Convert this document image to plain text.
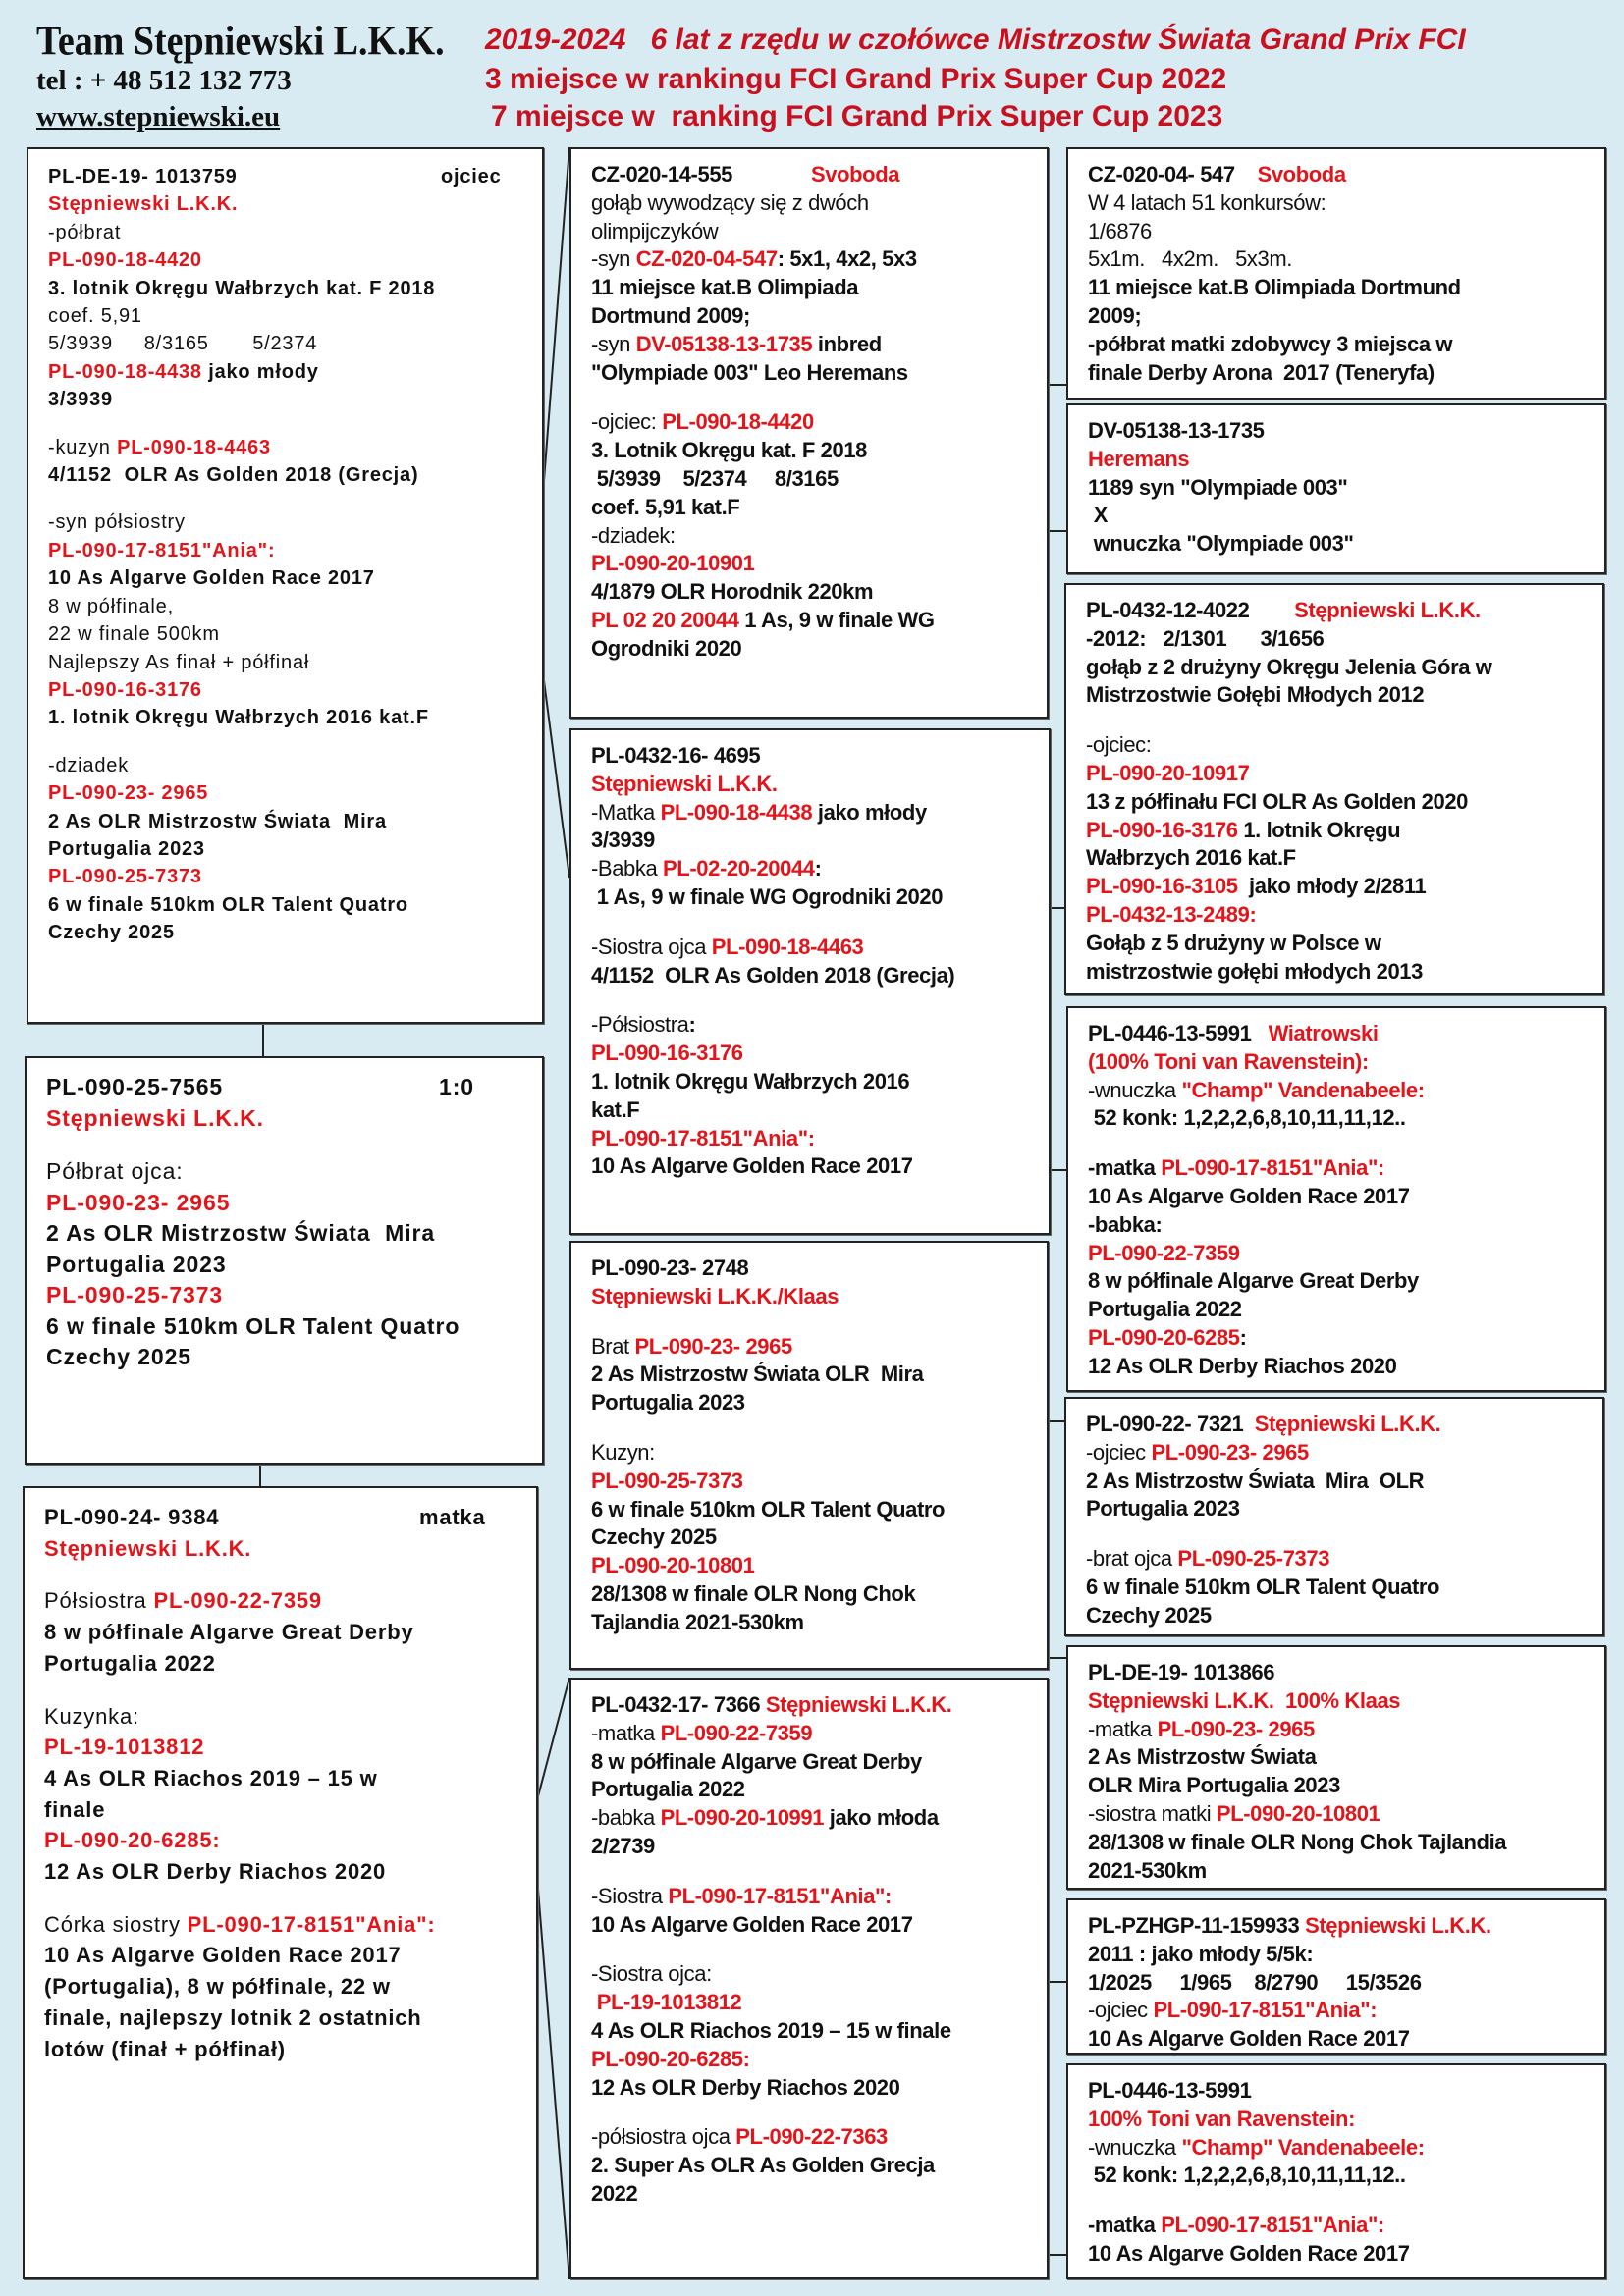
Team Stępniewski L.K.K.
tel : + 48 512 132 773
www.stepniewski.eu
2019-2024   6 lat z rzędu w czołówce Mistrzostw Świata Grand Prix FCI
3 miejsce w rankingu FCI Grand Prix Super Cup 2022
7 miejsce w  ranking FCI Grand Prix Super Cup 2023
PL-DE-19- 1013759	ojciec
Stępniewski L.K.K.
-półbrat
PL-090-18-4420
3. lotnik Okręgu Wałbrzych kat. F 2018
coef. 5,91
5/3939     8/3165       5/2374
PL-090-18-4438 jako młody
3/3939
-kuzyn PL-090-18-4463
4/1152  OLR As Golden 2018 (Grecja)
-syn półsiostry
PL-090-17-8151"Ania":
10 As Algarve Golden Race 2017
8 w półfinale,
22 w finale 500km
Najlepszy As finał + półfinał
PL-090-16-3176
1. lotnik Okręgu Wałbrzych 2016 kat.F
-dziadek
PL-090-23- 2965
2 As OLR Mistrzostw Świata  Mira
Portugalia 2023
PL-090-25-7373
6 w finale 510km OLR Talent Quatro
Czechy 2025
PL-090-25-7565	1:0
Stępniewski L.K.K.
Półbrat ojca:
PL-090-23- 2965
2 As OLR Mistrzostw Świata  Mira
Portugalia 2023
PL-090-25-7373
6 w finale 510km OLR Talent Quatro
Czechy 2025
PL-090-24- 9384	matka
Stępniewski L.K.K.
Półsiostra PL-090-22-7359
8 w półfinale Algarve Great Derby
Portugalia 2022
Kuzynka:
PL-19-1013812
4 As OLR Riachos 2019 – 15 w
finale
PL-090-20-6285:
12 As OLR Derby Riachos 2020
Córka siostry PL-090-17-8151"Ania":
10 As Algarve Golden Race 2017
(Portugalia), 8 w półfinale, 22 w
finale, najlepszy lotnik 2 ostatnich
lotów (finał + półfinał)
CZ-020-14-555              Svoboda
gołąb wywodzący się z dwóch
olimpijczyków
-syn CZ-020-04-547: 5x1, 4x2, 5x3
11 miejsce kat.B Olimpiada
Dortmund 2009;
-syn DV-05138-13-1735 inbred
"Olympiade 003" Leo Heremans
-ojciec: PL-090-18-4420
3. Lotnik Okręgu kat. F 2018
5/3939    5/2374     8/3165
coef. 5,91 kat.F
-dziadek:
PL-090-20-10901
4/1879 OLR Horodnik 220km
PL 02 20 20044 1 As, 9 w finale WG
Ogrodniki 2020
PL-0432-16- 4695
Stępniewski L.K.K.
-Matka PL-090-18-4438 jako młody
3/3939
-Babka PL-02-20-20044:
1 As, 9 w finale WG Ogrodniki 2020
-Siostra ojca PL-090-18-4463
4/1152  OLR As Golden 2018 (Grecja)
-Półsiostra:
PL-090-16-3176
1. lotnik Okręgu Wałbrzych 2016
kat.F
PL-090-17-8151"Ania":
10 As Algarve Golden Race 2017
PL-090-23- 2748
Stępniewski L.K.K./Klaas
Brat PL-090-23- 2965
2 As Mistrzostw Świata OLR  Mira
Portugalia 2023
Kuzyn:
PL-090-25-7373
6 w finale 510km OLR Talent Quatro
Czechy 2025
PL-090-20-10801
28/1308 w finale OLR Nong Chok
Tajlandia 2021-530km
PL-0432-17- 7366 Stępniewski L.K.K.
-matka PL-090-22-7359
8 w półfinale Algarve Great Derby
Portugalia 2022
-babka PL-090-20-10991 jako młoda
2/2739
-Siostra PL-090-17-8151"Ania":
10 As Algarve Golden Race 2017
-Siostra ojca:
PL-19-1013812
4 As OLR Riachos 2019 – 15 w finale
PL-090-20-6285:
12 As OLR Derby Riachos 2020
-półsiostra ojca PL-090-22-7363
2. Super As OLR As Golden Grecja
2022
CZ-020-04- 547    Svoboda
W 4 latach 51 konkursów:
1/6876
5x1m.   4x2m.   5x3m.
11 miejsce kat.B Olimpiada Dortmund
2009;
-półbrat matki zdobywcy 3 miejsca w
finale Derby Arona  2017 (Teneryfa)
DV-05138-13-1735
Heremans
1189 syn "Olympiade 003"
X
wnuczka "Olympiade 003"
PL-0432-12-4022        Stępniewski L.K.K.
-2012:   2/1301      3/1656
gołąb z 2 drużyny Okręgu Jelenia Góra w
Mistrzostwie Gołębi Młodych 2012
-ojciec:
PL-090-20-10917
13 z półfinału FCI OLR As Golden 2020
PL-090-16-3176 1. lotnik Okręgu
Wałbrzych 2016 kat.F
PL-090-16-3105  jako młody 2/2811
PL-0432-13-2489:
Gołąb z 5 drużyny w Polsce w
mistrzostwie gołębi młodych 2013
PL-0446-13-5991   Wiatrowski
(100% Toni van Ravenstein):
-wnuczka "Champ" Vandenabeele:
52 konk: 1,2,2,2,6,8,10,11,11,12..
-matka PL-090-17-8151"Ania":
10 As Algarve Golden Race 2017
-babka:
PL-090-22-7359
8 w półfinale Algarve Great Derby
Portugalia 2022
PL-090-20-6285:
12 As OLR Derby Riachos 2020
PL-090-22- 7321  Stępniewski L.K.K.
-ojciec PL-090-23- 2965
2 As Mistrzostw Świata  Mira  OLR
Portugalia 2023
-brat ojca PL-090-25-7373
6 w finale 510km OLR Talent Quatro
Czechy 2025
PL-DE-19- 1013866
Stępniewski L.K.K.  100% Klaas
-matka PL-090-23- 2965
2 As Mistrzostw Świata
OLR Mira Portugalia 2023
-siostra matki PL-090-20-10801
28/1308 w finale OLR Nong Chok Tajlandia
2021-530km
PL-PZHGP-11-159933 Stępniewski L.K.K.
2011 : jako młody 5/5k:
1/2025     1/965    8/2790     15/3526
-ojciec PL-090-17-8151"Ania":
10 As Algarve Golden Race 2017
PL-0446-13-5991
100% Toni van Ravenstein:
-wnuczka "Champ" Vandenabeele:
52 konk: 1,2,2,2,6,8,10,11,11,12..
-matka PL-090-17-8151"Ania":
10 As Algarve Golden Race 2017
